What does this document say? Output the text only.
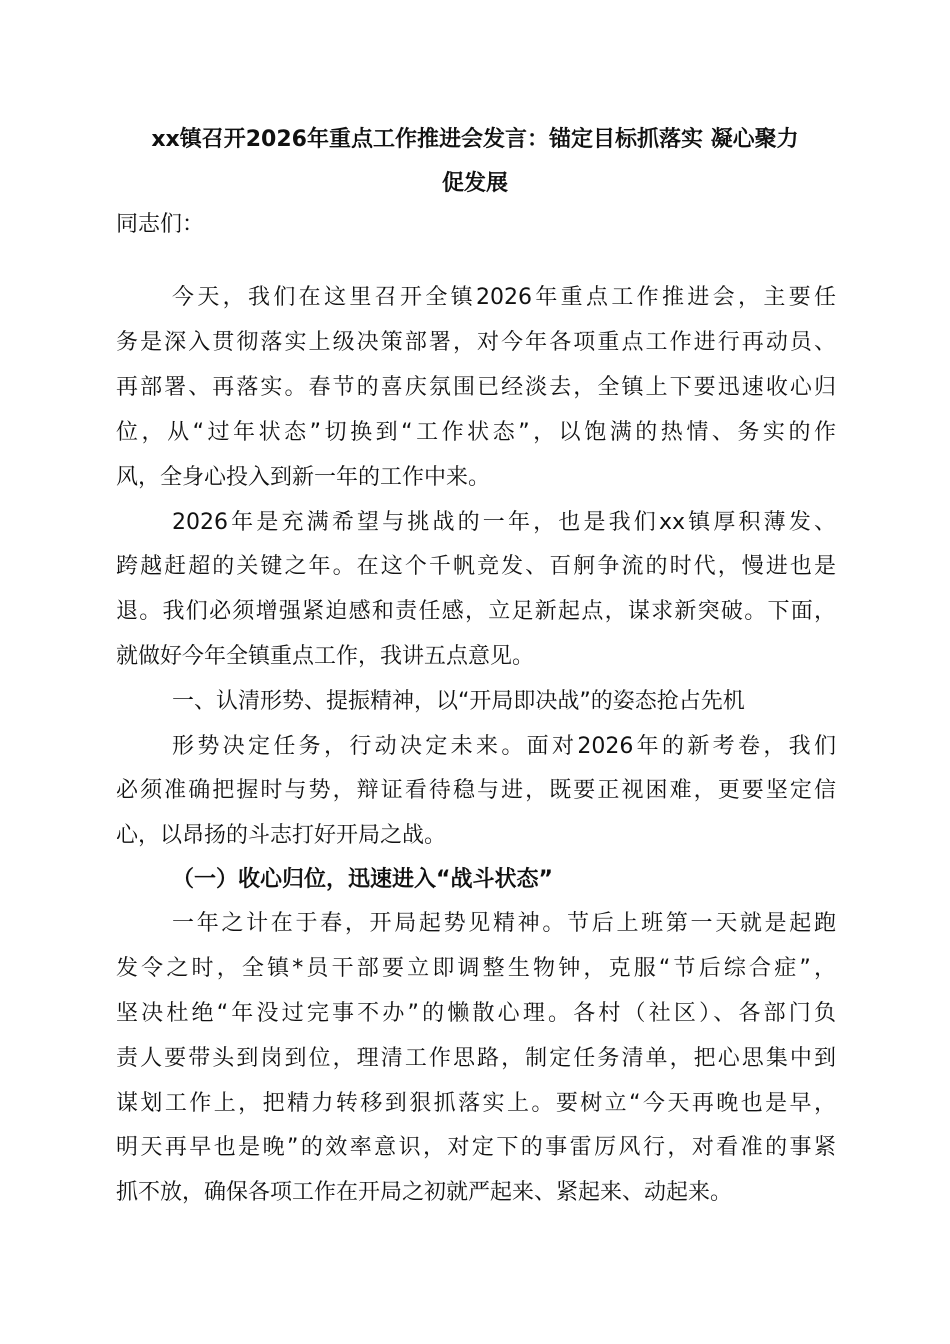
xx镇召开2026年重点工作推进会发言：锚定目标抓落实 凝心聚力
促发展
同志们：
今天，我们在这里召开全镇2026年重点工作推进会，主要任
务是深入贯彻落实上级决策部署，对今年各项重点工作进行再动员、
再部署、再落实。春节的喜庆氛围已经淡去，全镇上下要迅速收心归
位，从“过年状态”切换到“工作状态”，以饱满的热情、务实的作
风，全身心投入到新一年的工作中来。
2026年是充满希望与挑战的一年，也是我们xx镇厚积薄发、
跨越赶超的关键之年。在这个千帆竞发、百舸争流的时代，慢进也是
退。我们必须增强紧迫感和责任感，立足新起点，谋求新突破。下面，
就做好今年全镇重点工作，我讲五点意见。
一、认清形势、提振精神，以“开局即决战”的姿态抢占先机
形势决定任务，行动决定未来。面对2026年的新考卷，我们
必须准确把握时与势，辩证看待稳与进，既要正视困难，更要坚定信
心，以昂扬的斗志打好开局之战。
（一）收心归位，迅速进入“战斗状态”
一年之计在于春，开局起势见精神。节后上班第一天就是起跑
发令之时，全镇*员干部要立即调整生物钟，克服“节后综合症”，
坚决杜绝“年没过完事不办”的懒散心理。各村（社区）、各部门负
责人要带头到岗到位，理清工作思路，制定任务清单，把心思集中到
谋划工作上，把精力转移到狠抓落实上。要树立“今天再晚也是早，
明天再早也是晚”的效率意识，对定下的事雷厉风行，对看准的事紧
抓不放，确保各项工作在开局之初就严起来、紧起来、动起来。
